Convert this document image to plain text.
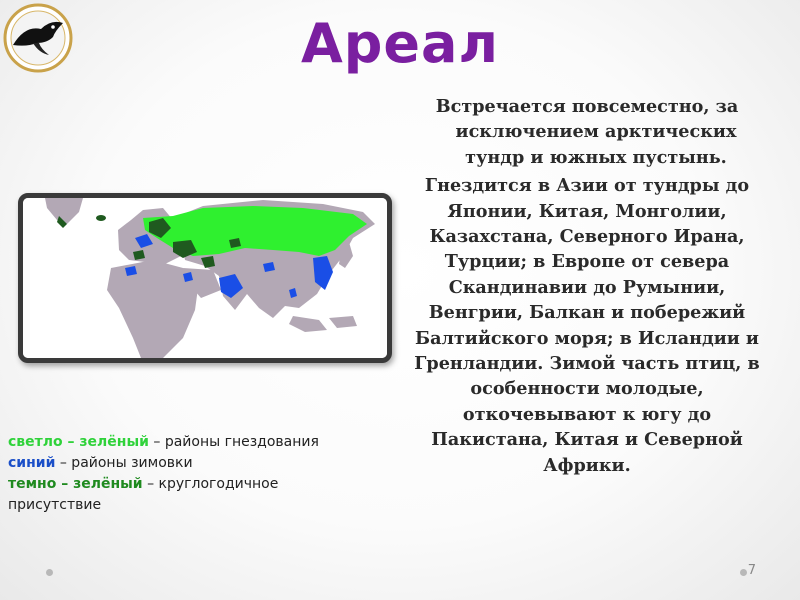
Ареал

Встречается повсеместно, за исключением арктических тундр и южных пустынь.

Гнездится в Азии от тундры до Японии, Китая, Монголии, Казахстана, Северного Ирана, Турции; в Европе от севера Скандинавии до Румынии, Венгрии, Балкан и побережий Балтийского моря; в Исландии и Гренландии. Зимой часть птиц, в особенности молодые, откочевывают к югу до Пакистана, Китая и Северной Африки.

светло – зелёный – районы гнездования
синий – районы зимовки
темно – зелёный – круглогодичное
присутствие
7
